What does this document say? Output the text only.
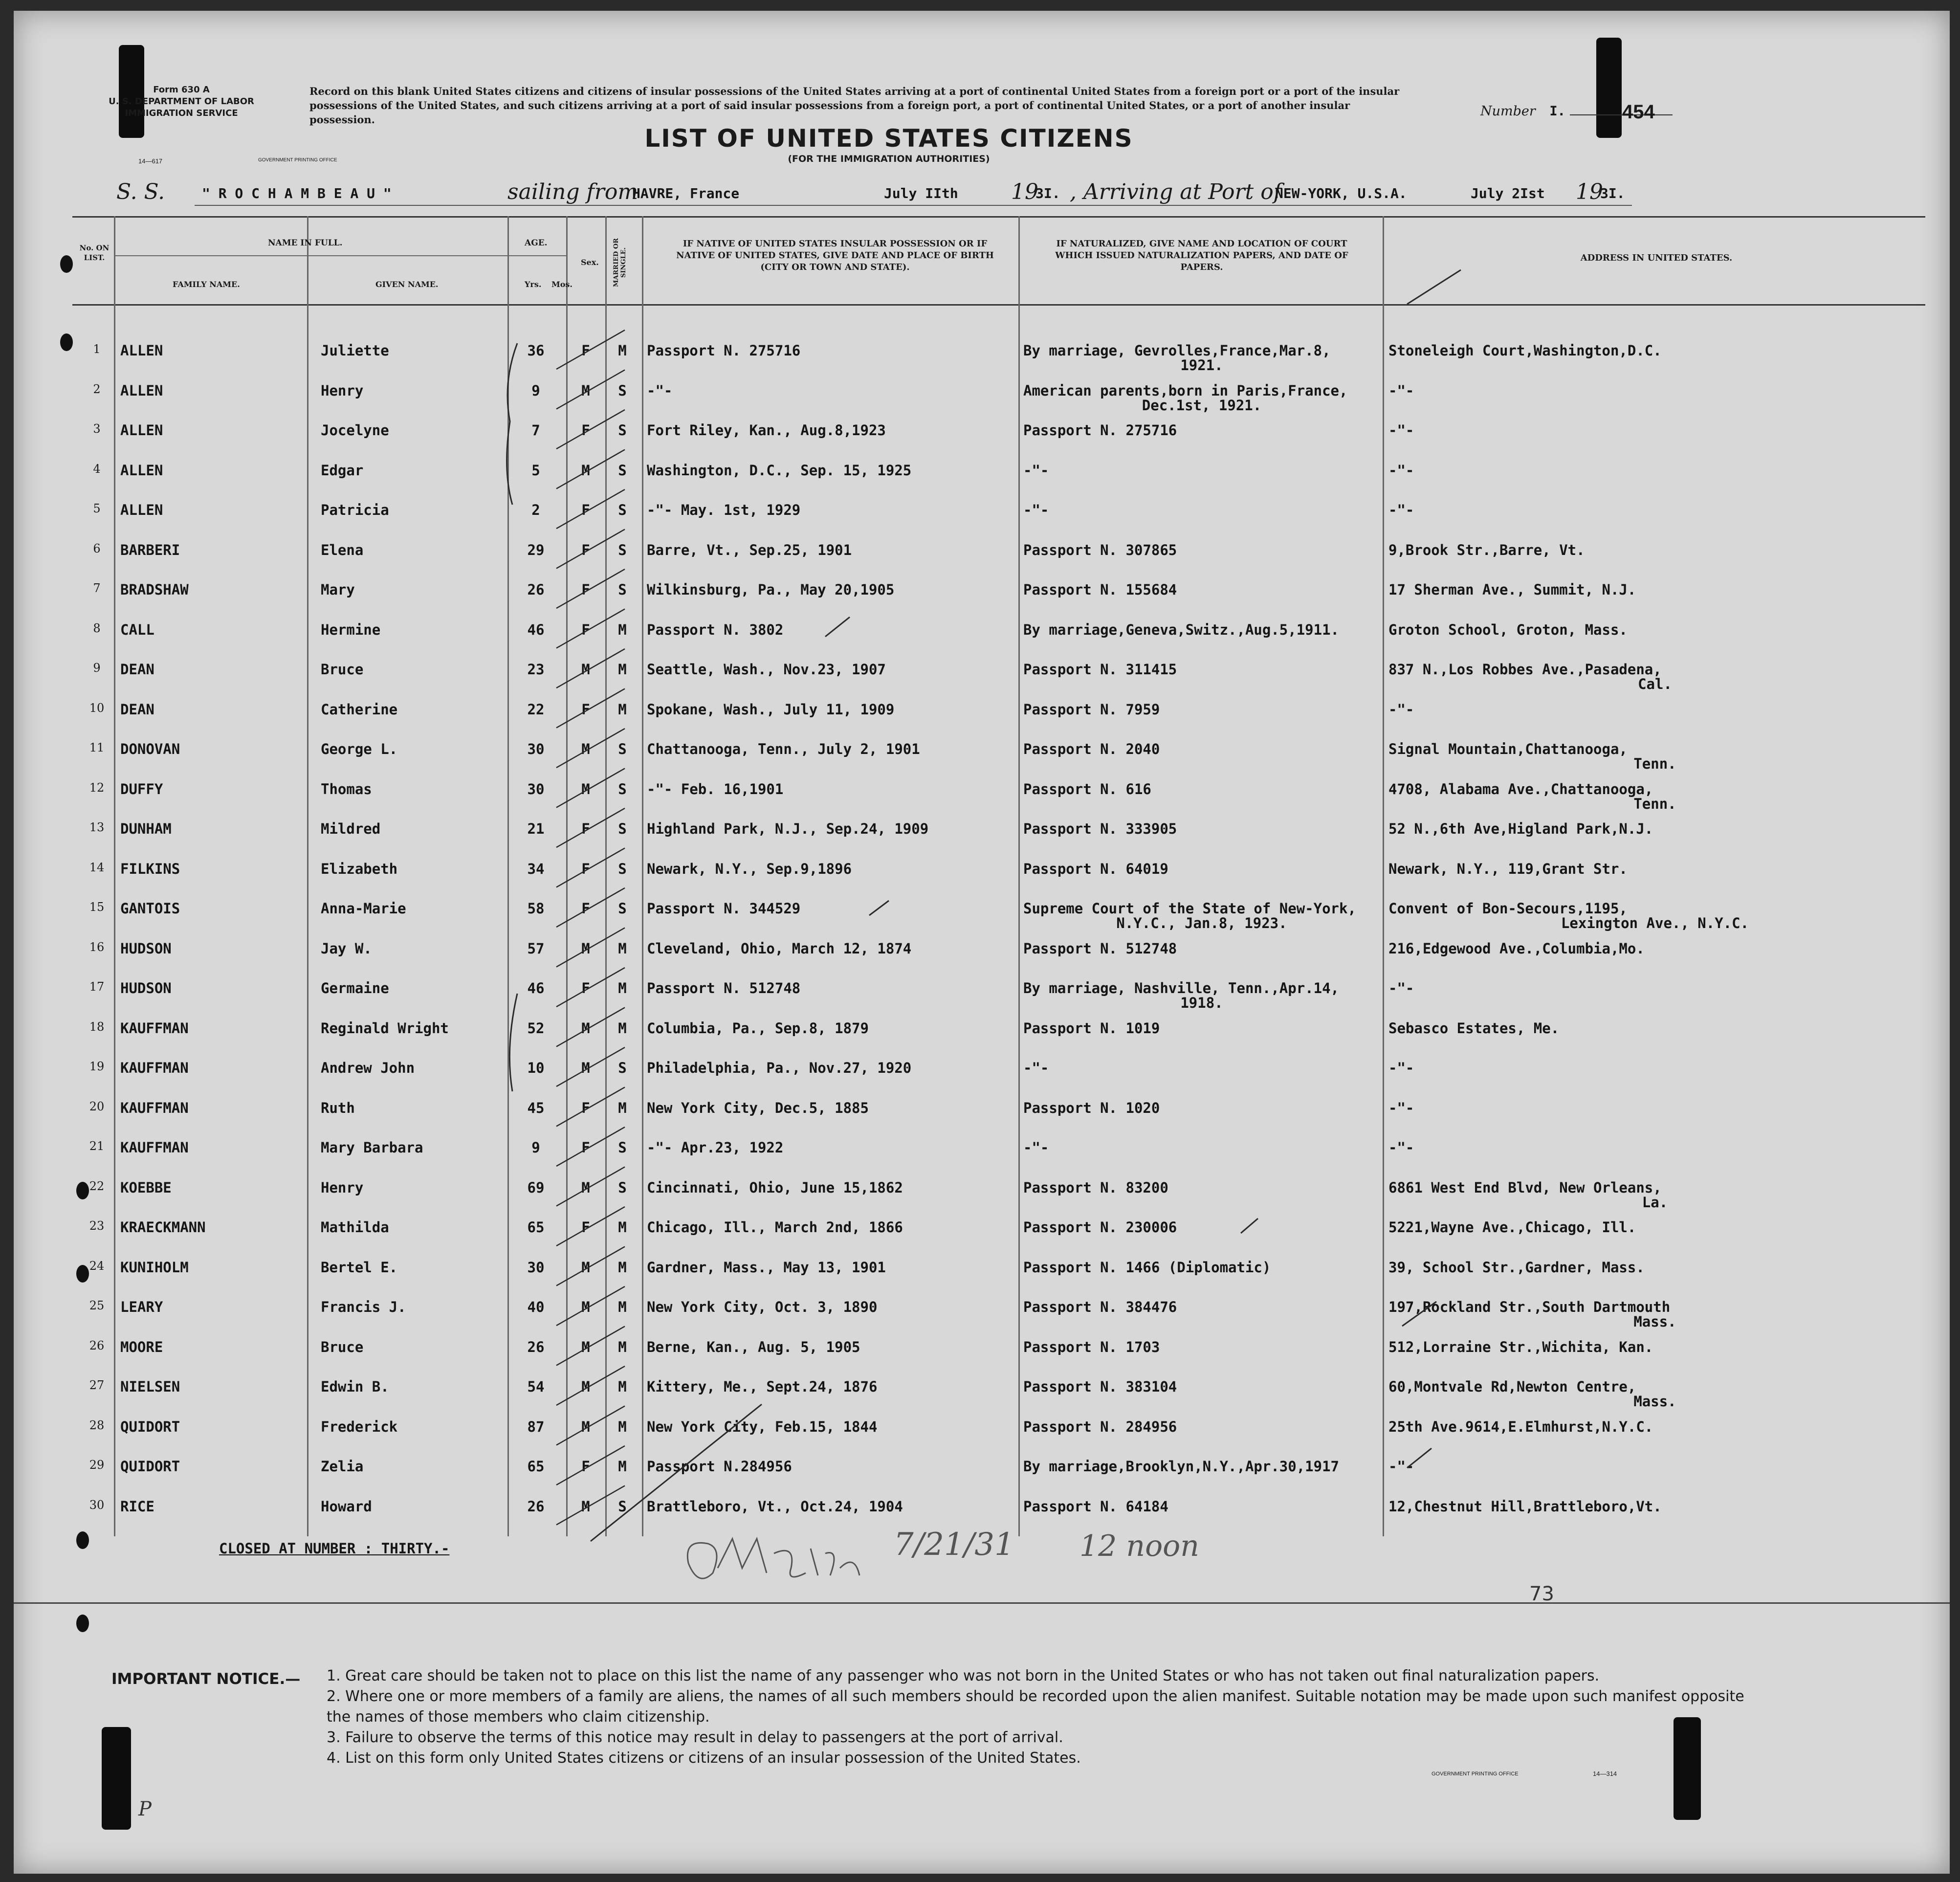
Form 630 A
U. S. DEPARTMENT OF LABOR
IMMIGRATION SERVICE
14—617	GOVERNMENT PRINTING OFFICE
Record on this blank United States citizens and citizens of insular possessions of the United States arriving at a port of continental United States from a foreign port or a port of the insular possessions of the United States, and such citizens arriving at a port of said insular possessions from a foreign port, a port of continental United States, or a port of another insular possession.
LIST OF UNITED STATES CITIZENS
(FOR THE IMMIGRATION AUTHORITIES)
Number I.	454
S. S.	" R O C H A M B E A U "	sailing from
HAVRE, France	July IIth 19
3I. , Arriving at Port of
NEW-YORK, U.S.A.	July 2Ist 19
3I.
No. ON LIST.
NAME IN FULL.
FAMILY NAME.	GIVEN NAME.
AGE.
Yrs. Mos.
Sex. MARRIED OR SINGLE.
IF NATIVE OF UNITED STATES INSULAR POSSESSION OR IF NATIVE OF UNITED STATES, GIVE DATE AND PLACE OF BIRTH (CITY OR TOWN AND STATE).
IF NATURALIZED, GIVE NAME AND LOCATION OF COURT WHICH ISSUED NATURALIZATION PAPERS, AND DATE OF PAPERS.
ADDRESS IN UNITED STATES.
1	ALLEN	Juliette	36	F	M	Passport N. 275716	By marriage, Gevrolles,France,Mar.8,	Stoneleigh Court,Washington,D.C.
1921.
2	ALLEN	Henry	9	M	S	-"-	American parents,born in Paris,France,	-"-
Dec.1st, 1921.
3	ALLEN	Jocelyne	7	F	S	Fort Riley, Kan., Aug.8,1923	Passport N. 275716	-"-
4	ALLEN	Edgar	5	M	S	Washington, D.C., Sep. 15, 1925	-"-	-"-
5	ALLEN	Patricia	2	F	S	-"- May. 1st, 1929	-"-	-"-
6	BARBERI	Elena	29	F	S	Barre, Vt., Sep.25, 1901	Passport N. 307865	9,Brook Str.,Barre, Vt.
7	BRADSHAW	Mary	26	F	S	Wilkinsburg, Pa., May 20,1905	Passport N. 155684	17 Sherman Ave., Summit, N.J.
8	CALL	Hermine	46	F	M	Passport N. 3802	By marriage,Geneva,Switz.,Aug.5,1911.	Groton School, Groton, Mass.
9	DEAN	Bruce	23	M	M	Seattle, Wash., Nov.23, 1907	Passport N. 311415	837 N.,Los Robbes Ave.,Pasadena,
Cal.
10	DEAN	Catherine	22	F	M	Spokane, Wash., July 11, 1909	Passport N. 7959	-"-
11	DONOVAN	George L.	30	M	S	Chattanooga, Tenn., July 2, 1901	Passport N. 2040	Signal Mountain,Chattanooga,
Tenn.
12	DUFFY	Thomas	30	M	S	-"- Feb. 16,1901	Passport N. 616	4708, Alabama Ave.,Chattanooga,
Tenn.
13	DUNHAM	Mildred	21	F	S	Highland Park, N.J., Sep.24, 1909	Passport N. 333905	52 N.,6th Ave,Higland Park,N.J.
14	FILKINS	Elizabeth	34	F	S	Newark, N.Y., Sep.9,1896	Passport N. 64019	Newark, N.Y., 119,Grant Str.
15	GANTOIS	Anna-Marie	58	F	S	Passport N. 344529	Supreme Court of the State of New-York,	Convent of Bon-Secours,1195,
N.Y.C., Jan.8, 1923.	Lexington Ave., N.Y.C.
16	HUDSON	Jay W.	57	M	M	Cleveland, Ohio, March 12, 1874	Passport N. 512748	216,Edgewood Ave.,Columbia,Mo.
17	HUDSON	Germaine	46	F	M	Passport N. 512748	By marriage, Nashville, Tenn.,Apr.14,	-"-
1918.
18	KAUFFMAN	Reginald Wright	52	M	M	Columbia, Pa., Sep.8, 1879	Passport N. 1019	Sebasco Estates, Me.
19	KAUFFMAN	Andrew John	10	M	S	Philadelphia, Pa., Nov.27, 1920	-"-	-"-
20	KAUFFMAN	Ruth	45	F	M	New York City, Dec.5, 1885	Passport N. 1020	-"-
21	KAUFFMAN	Mary Barbara	9	F	S	-"- Apr.23, 1922	-"-	-"-
22	KOEBBE	Henry	69	M	S	Cincinnati, Ohio, June 15,1862	Passport N. 83200	6861 West End Blvd, New Orleans,
La.
23	KRAECKMANN	Mathilda	65	F	M	Chicago, Ill., March 2nd, 1866	Passport N. 230006	5221,Wayne Ave.,Chicago, Ill.
24	KUNIHOLM	Bertel E.	30	M	M	Gardner, Mass., May 13, 1901	Passport N. 1466 (Diplomatic)	39, School Str.,Gardner, Mass.
25	LEARY	Francis J.	40	M	M	New York City, Oct. 3, 1890	Passport N. 384476	197,Rockland Str.,South Dartmouth
Mass.
26	MOORE	Bruce	26	M	M	Berne, Kan., Aug. 5, 1905	Passport N. 1703	512,Lorraine Str.,Wichita, Kan.
27	NIELSEN	Edwin B.	54	M	M	Kittery, Me., Sept.24, 1876	Passport N. 383104	60,Montvale Rd,Newton Centre,
Mass.
28	QUIDORT	Frederick	87	M	M	New York City, Feb.15, 1844	Passport N. 284956	25th Ave.9614,E.Elmhurst,N.Y.C.
29	QUIDORT	Zelia	65	F	M	Passport N.284956	By marriage,Brooklyn,N.Y.,Apr.30,1917	-"-
30	RICE	Howard	26	M	S	Brattleboro, Vt., Oct.24, 1904	Passport N. 64184	12,Chestnut Hill,Brattleboro,Vt.
CLOSED AT NUMBER : THIRTY.-	7/21/31 12 noon
73
IMPORTANT NOTICE.— 1. Great care should be taken not to place on this list the name of any passenger who was not born in the United States or who has not taken out final naturalization papers.

2. Where one or more members of a family are aliens, the names of all such members should be recorded upon the alien manifest. Suitable notation may be made upon such manifest opposite the names of those members who claim citizenship.

3. Failure to observe the terms of this notice may result in delay to passengers at the port of arrival.

4. List on this form only United States citizens or citizens of an insular possession of the United States.

GOVERNMENT PRINTING OFFICE	14—314
P
